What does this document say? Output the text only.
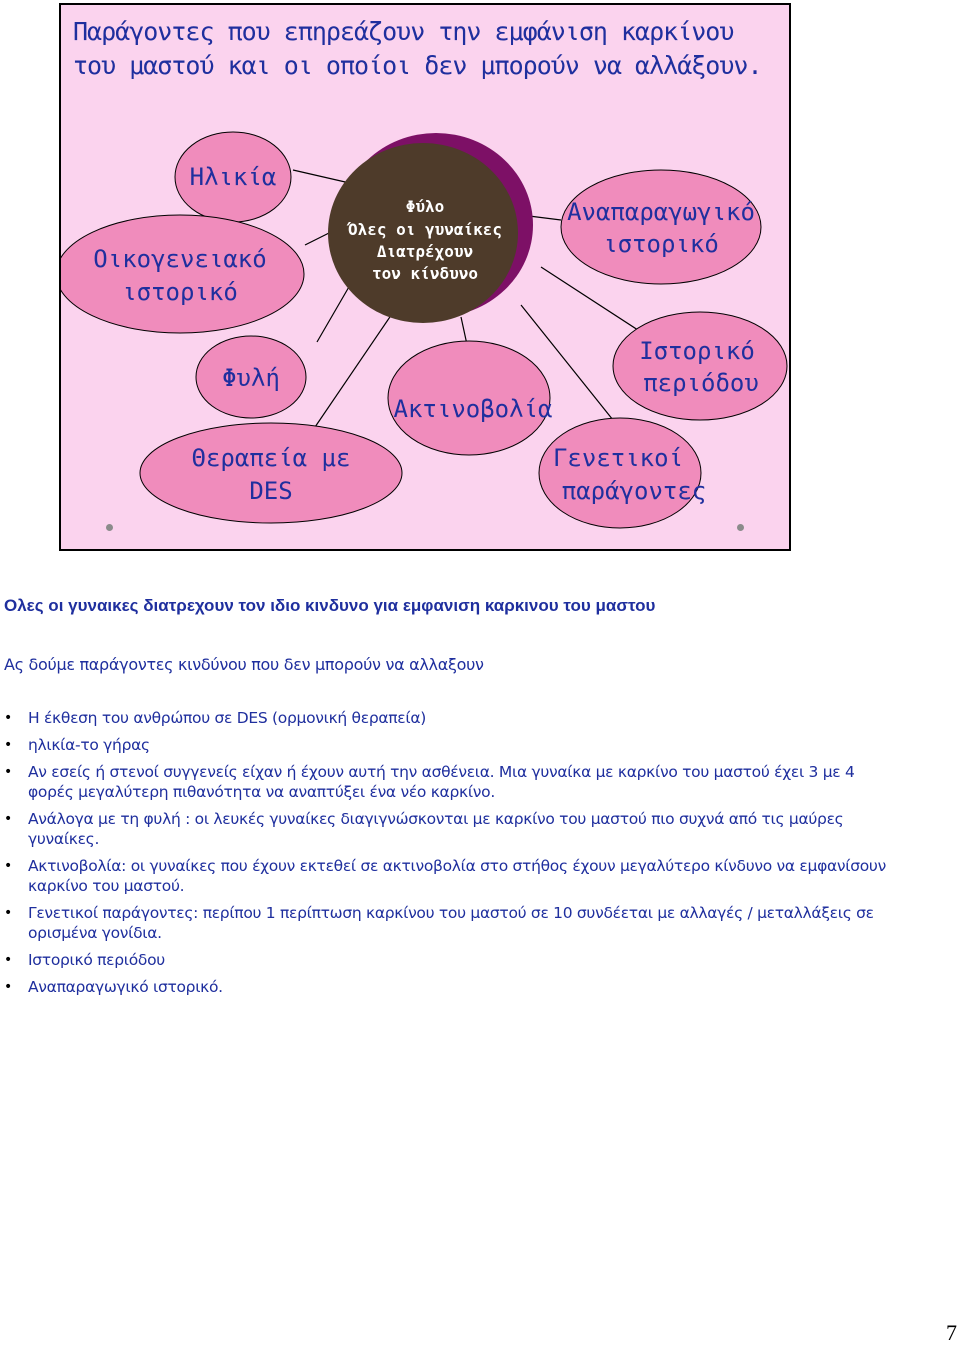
Παράγοντες που επηρεάζουν την εμφάνιση καρκίνου του μαστού και οι οποίοι δεν μπορούν να αλλάξουν.
Φύλο
Όλες οι γυναίκες
Διατρέχουν
τον κίνδυνο
Ηλικία
Οικογενειακό
ιστορικό
Φυλή
Θεραπεία με
DES
Ακτινοβολία
Αναπαραγωγικό
ιστορικό
Ιστορικό
περιόδου
Γενετικοί
παράγοντες

Ολες οι γυναικες διατρεχουν τον ιδιο κινδυνο για εμφανιση καρκινου του μαστου

Ας δούμε παράγοντες κινδύνου που δεν μπορούν να αλλαξουν

• Η έκθεση του ανθρώπου σε DES (ορμονική θεραπεία)
• ηλικία-το γήρας
• Αν εσείς ή στενοί συγγενείς είχαν ή έχουν αυτή την ασθένεια. Μια γυναίκα με καρκίνο του μαστού έχει 3 με 4 φορές μεγαλύτερη πιθανότητα να αναπτύξει ένα νέο καρκίνο.
• Ανάλογα με τη φυλή : οι λευκές γυναίκες διαγιγνώσκονται με καρκίνο του μαστού πιο συχνά από τις μαύρες γυναίκες.
• Ακτινοβολία: οι γυναίκες που έχουν εκτεθεί σε ακτινοβολία στο στήθος έχουν μεγαλύτερο κίνδυνο να εμφανίσουν καρκίνο του μαστού.
• Γενετικοί παράγοντες: περίπου 1 περίπτωση καρκίνου του μαστού σε 10 συνδέεται με αλλαγές / μεταλλάξεις σε ορισμένα γονίδια.
• Ιστορικό περιόδου
• Αναπαραγωγικό ιστορικό.

7
